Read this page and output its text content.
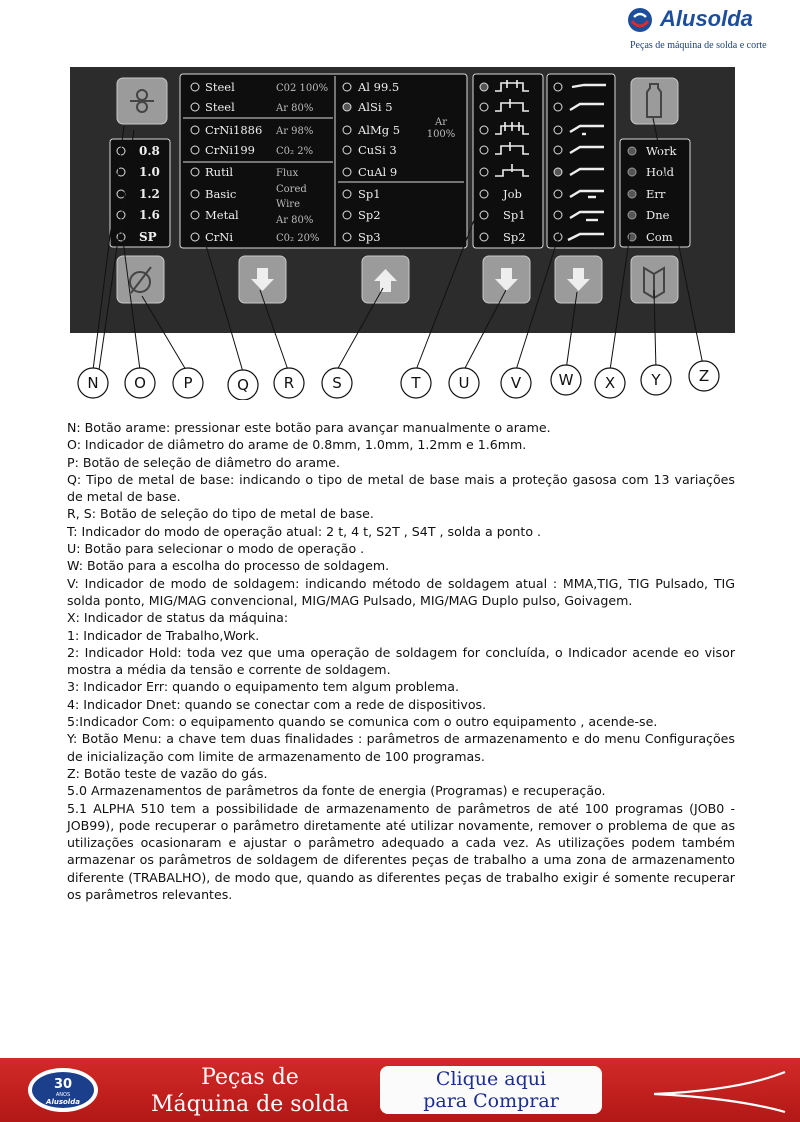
Alusolda
Peças de máquina de solda e corte
0.8
1.0
1.2
1.6
SP
Steel
Steel
CrNi1886
CrNi199
Rutil
Basic
Metal
CrNi
C02 100%
Ar 80%
Ar 98%
C0₂ 2%
Flux
Cored
Wire
Ar 80%
C0₂ 20%
Al 99.5
AlSi 5
AlMg 5
CuSi 3
CuAl 9
Sp1
Sp2
Sp3
Ar
100%
Job
Sp1
Sp2
Work
Hold
Err
Dne
Com
N O	P	Q R	S	T	U	V W X Y	Z

N: Botão arame: pressionar este botão para avançar manualmente o arame.

O: Indicador de diâmetro do arame de 0.8mm, 1.0mm, 1.2mm e 1.6mm.

P: Botão de seleção de diâmetro do arame.

Q: Tipo de metal de base: indicando o tipo de metal de base mais a proteção gasosa com 13 variações de metal de base.

R, S: Botão de seleção do tipo de metal de base.

T: Indicador do modo de operação atual: 2 t, 4 t, S2T , S4T , solda a ponto .

U: Botão para selecionar o modo de operação .

W: Botão para a escolha do processo de soldagem.

V: Indicador de modo de soldagem: indicando método de soldagem atual : MMA,TIG, TIG Pulsado, TIG solda ponto, MIG/MAG convencional, MIG/MAG Pulsado, MIG/MAG Duplo pulso, Goivagem.

X: Indicador de status da máquina:

1: Indicador de Trabalho,Work.

2: Indicador Hold: toda vez que uma operação de soldagem for concluída, o Indicador acende eo visor mostra a média da tensão e corrente de soldagem.

3: Indicador Err: quando o equipamento tem algum problema.

4: Indicador Dnet: quando se conectar com a rede de dispositivos.

5:Indicador Com: o equipamento quando se comunica com o outro equipamento , acende-se.

Y: Botão Menu: a chave tem duas finalidades : parâmetros de armazenamento e do menu Configurações de inicialização com limite de armazenamento de 100 programas.

Z: Botão teste de vazão do gás.

5.0 Armazenamentos de parâmetros da fonte de energia (Programas) e recuperação.

5.1 ALPHA 510 tem a possibilidade de armazenamento de parâmetros de até 100 programas (JOB0 - JOB99), pode recuperar o parâmetro diretamente até utilizar novamente, remover o problema de que as utilizações ocasionaram e ajustar o parâmetro adequado a cada vez. As utilizações podem também armazenar os parâmetros de soldagem de diferentes peças de trabalho a uma zona de armazenamento diferente (TRABALHO), de modo que, quando as diferentes peças de trabalho exigir é somente recuperar os parâmetros relevantes.

30
ANOS
Alusolda
Peças de
Máquina de solda
Clique aqui
para Comprar
